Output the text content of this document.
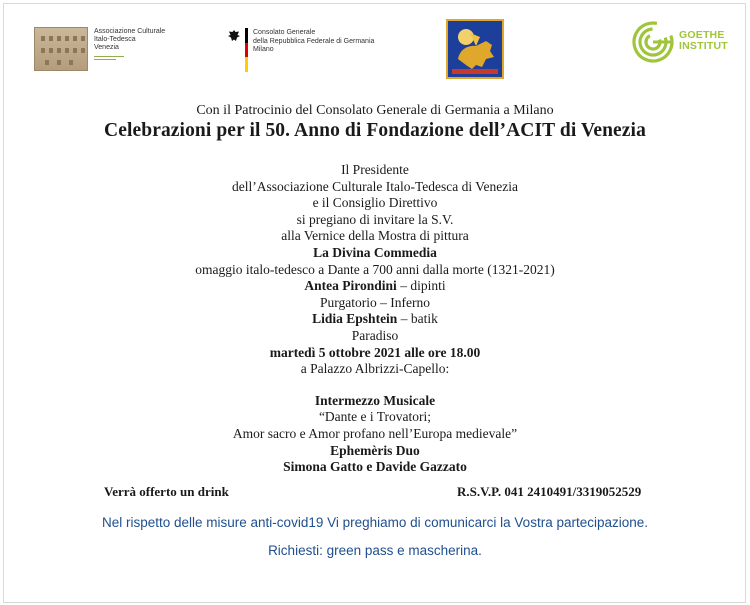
Associazione Culturale
Italo-Tedesca
Venezia
Consolato Generale
della Repubblica Federale di Germania
Milano
GOETHE
INSTITUT
Con il Patrocinio del Consolato Generale di Germania a Milano
Celebrazioni per il 50. Anno di Fondazione dell’ACIT di Venezia
Il Presidente
dell’Associazione Culturale Italo-Tedesca di Venezia
e il Consiglio Direttivo
si pregiano di invitare la S.V.
alla Vernice della Mostra di pittura
La Divina Commedia
omaggio italo-tedesco a Dante a 700 anni dalla morte (1321-2021)
Antea Pirondini – dipinti
Purgatorio – Inferno
Lidia Epshtein – batik
Paradiso
martedì 5 ottobre 2021 alle ore 18.00
a Palazzo Albrizzi-Capello:
Intermezzo Musicale
“Dante e i Trovatori;
Amor sacro e Amor profano nell’Europa medievale”
Ephemèris Duo
Simona Gatto e Davide Gazzato
Verrà offerto un drink	R.S.V.P. 041 2410491/3319052529
Nel rispetto delle misure anti-covid19 Vi preghiamo di comunicarci la Vostra partecipazione.
Richiesti: green pass e mascherina.
